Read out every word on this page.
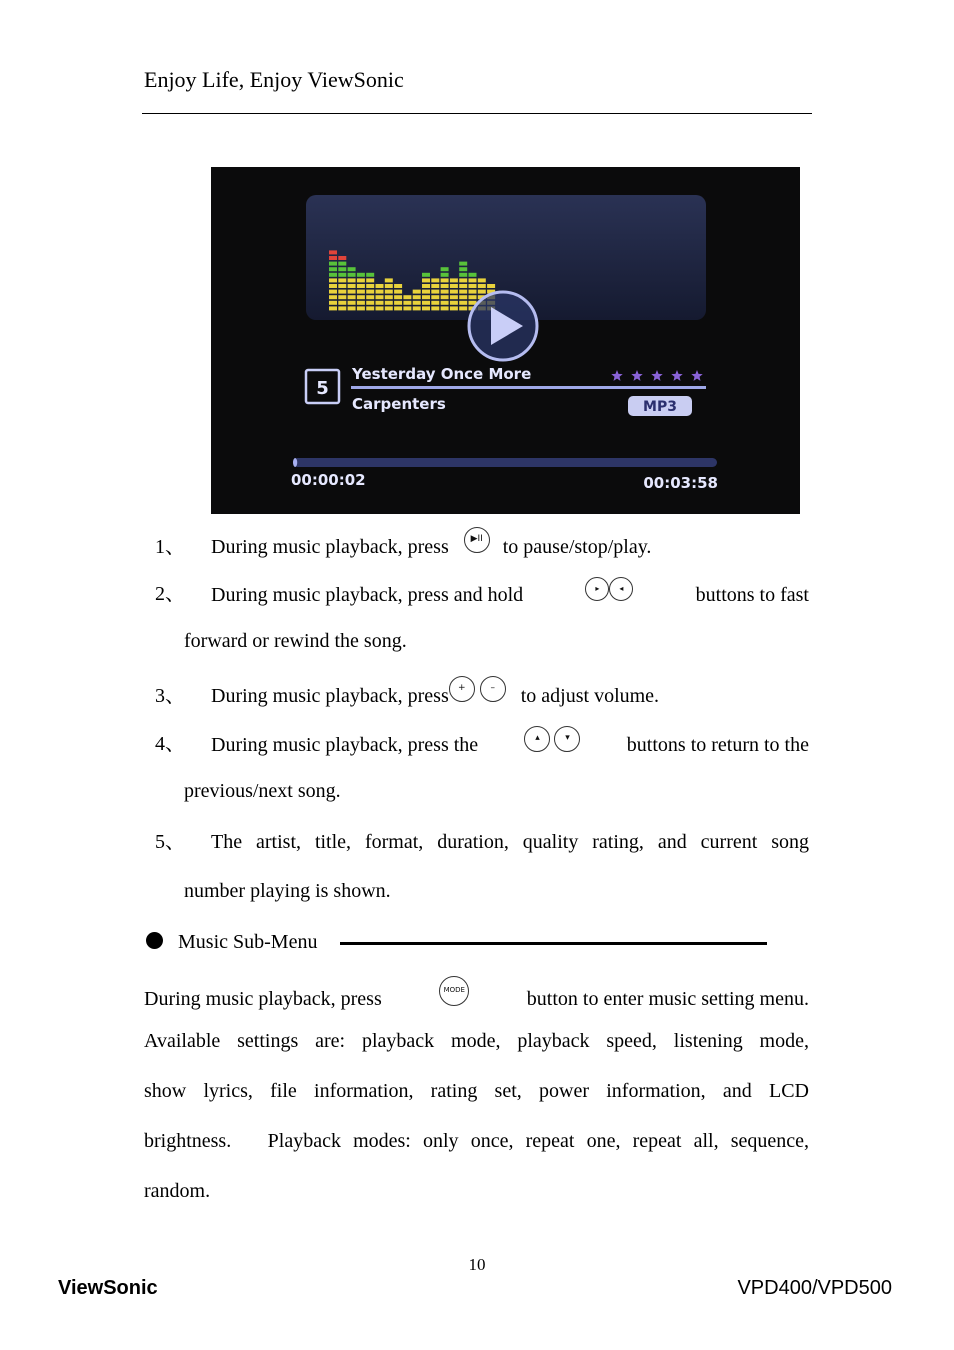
Enjoy Life, Enjoy ViewSonic
5
Yesterday Once More
Carpenters	MP3
00:00:02	00:03:58
1、 During music playback, press ▶II to pause/stop/play.
2、 During music playback, press and hold	▸ ◂	buttons to fast
forward or rewind the song.
3、 During music playback, press +	– to adjust volume.
4、 During music playback, press the	▴	▾	buttons to return to the
previous/next song.
5、 The artist, title, format, duration, quality rating, and current song
number playing is shown.
Music Sub-Menu
During music playback, press	MODE	button to enter music setting menu.
Available settings are: playback mode, playback speed, listening mode,
show lyrics, file information, rating set, power information, and LCD
brightness.   Playback modes: only once, repeat one, repeat all, sequence,
random.
10
ViewSonic	VPD400/VPD500
